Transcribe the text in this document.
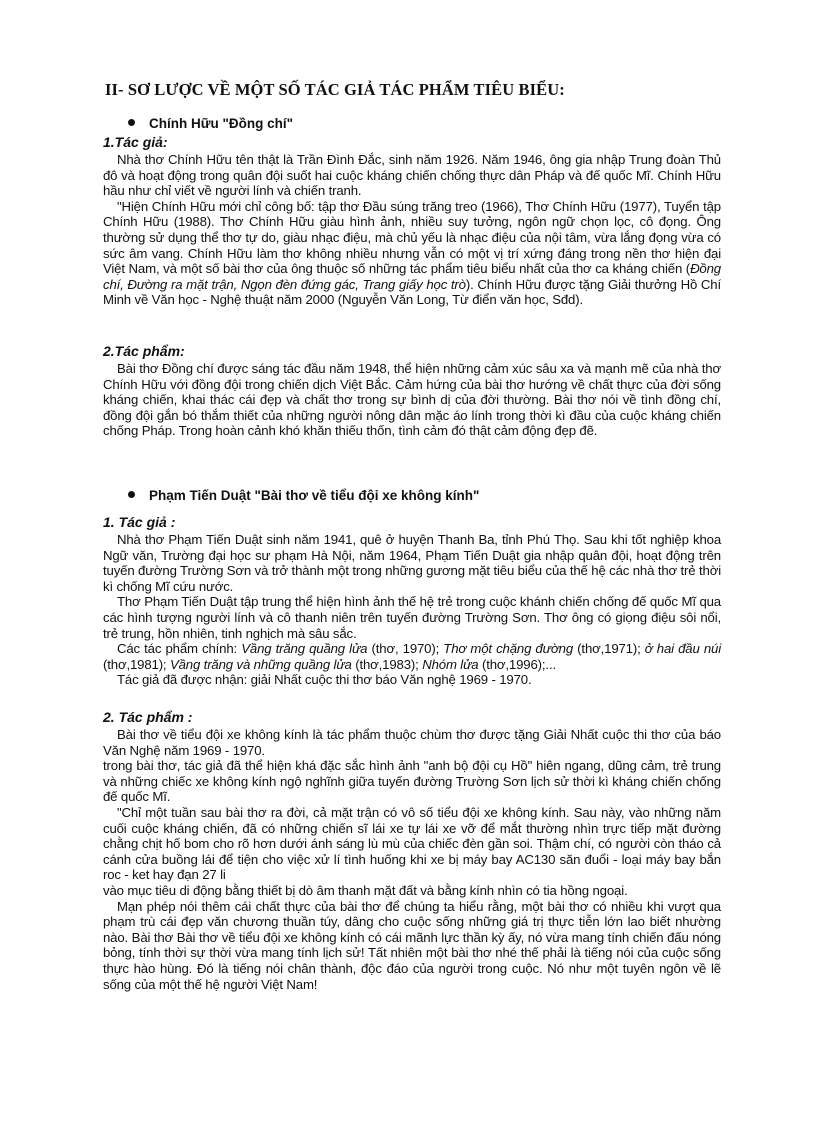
II- SƠ LƯỢC VỀ MỘT SỐ TÁC GIẢ TÁC PHẨM TIÊU BIỂU:
Chính Hữu "Đồng chí"
1.Tác giả:

Nhà thơ Chính Hữu tên thật là Trần Đình Đắc, sinh năm 1926. Năm 1946, ông gia nhập Trung đoàn Thủ đô và hoạt động trong quân đội suốt hai cuộc kháng chiến chống thực dân Pháp và đế quốc Mĩ. Chính Hữu hầu như chỉ viết về người lính và chiến tranh.

"Hiện Chính Hữu mới chỉ công bố: tập thơ Đầu súng trăng treo (1966), Thơ Chính Hữu (1977), Tuyển tập Chính Hữu (1988). Thơ Chính Hữu giàu hình ảnh, nhiều suy tưởng, ngôn ngữ chọn lọc, cô đọng. Ông thường sử dụng thể thơ tự do, giàu nhạc điệu, mà chủ yếu là nhạc điệu của nội tâm, vừa lắng đọng vừa có sức âm vang. Chính Hữu làm thơ không nhiều nhưng vẫn có một vị trí xứng đáng trong nền thơ hiện đại Việt Nam, và một số bài thơ của ông thuộc số những tác phẩm tiêu biểu nhất của thơ ca kháng chiến (Đồng chí, Đường ra mặt trận, Ngọn đèn đứng gác, Trang giấy học trò). Chính Hữu được tặng Giải thưởng Hồ Chí Minh về Văn học - Nghệ thuật năm 2000 (Nguyễn Văn Long, Từ điển văn học, Sđd).

2.Tác phẩm:

Bài thơ Đồng chí được sáng tác đầu năm 1948, thể hiện những cảm xúc sâu xa và mạnh mẽ của nhà thơ Chính Hữu với đồng đội trong chiến dịch Việt Bắc. Cảm hứng của bài thơ hướng về chất thực của đời sống kháng chiến, khai thác cái đẹp và chất thơ trong sự bình dị của đời thường. Bài thơ nói về tình đồng chí, đồng đội gắn bó thắm thiết của những người nông dân mặc áo lính trong thời kì đầu của cuộc kháng chiến chống Pháp. Trong hoàn cảnh khó khăn thiếu thốn, tình cảm đó thật cảm động đẹp đẽ.

Phạm Tiến Duật "Bài thơ về tiểu đội xe không kính"
1. Tác giả :

Nhà thơ Phạm Tiến Duật sinh năm 1941, quê ở huyện Thanh Ba, tỉnh Phú Thọ. Sau khi tốt nghiệp khoa Ngữ văn, Trường đại học sư phạm Hà Nội, năm 1964, Phạm Tiến Duật gia nhập quân đội, hoạt động trên tuyến đường Trường Sơn và trở thành một trong những gương mặt tiêu biểu của thế hệ các nhà thơ trẻ thời kì chống Mĩ cứu nước.

Thơ Phạm Tiến Duật tập trung thể hiện hình ảnh thế hệ trẻ trong cuộc khánh chiến chống đế quốc Mĩ qua các hình tượng người lính và cô thanh niên trên tuyến đường Trường Sơn. Thơ ông có giọng điệu sôi nổi, trẻ trung, hồn nhiên, tinh nghịch mà sâu sắc.

Các tác phẩm chính: Vầng trăng quầng lửa (thơ, 1970); Thơ một chặng đường (thơ,1971); ở hai đầu núi (thơ,1981); Vầng trăng và những quầng lửa (thơ,1983); Nhóm lửa (thơ,1996);...

Tác giả đã được nhận: giải Nhất cuộc thi thơ báo Văn nghệ 1969 - 1970.

2. Tác phẩm :

Bài thơ về tiểu đội xe không kính là tác phẩm thuộc chùm thơ được tặng Giải Nhất cuộc thi thơ của báo Văn Nghệ năm 1969 - 1970.

trong bài thơ, tác giả đã thể hiện khá đặc sắc hình ảnh "anh bộ đội cụ Hồ" hiên ngang, dũng cảm, trẻ trung và những chiếc xe không kính ngộ nghĩnh giữa tuyến đường Trường Sơn lịch sử thời kì kháng chiến chống đế quốc Mĩ.

"Chỉ một tuần sau bài thơ ra đời, cả mặt trận có vô số tiểu đội xe không kính. Sau này, vào những năm cuối cuộc kháng chiến, đã có những chiến sĩ lái xe tự lái xe vỡ để mắt thường nhìn trực tiếp mặt đường chằng chịt hố bom cho rõ hơn dưới ánh sáng lù mù của chiếc đèn gần soi. Thậm chí, có người còn tháo cả cánh cửa buồng lái để tiện cho việc xử lí tình huống khi xe bị máy bay AC130 săn đuổi - loại máy bay bắn roc - ket hay đạn 27 li

vào mục tiêu di động bằng thiết bị dò âm thanh mặt đất và bằng kính nhìn có tia hồng ngoại.

Mạn phép nói thêm cái chất thực của bài thơ để chúng ta hiểu rằng, một bài thơ có nhiều khi vượt qua phạm trù cái đẹp văn chương thuần túy, dâng cho cuộc sống những giá trị thực tiễn lớn lao biết nhường nào. Bài thơ Bài thơ về tiểu đội xe không kính có cái mãnh lực thần kỳ ấy, nó vừa mang tính chiến đấu nóng bỏng, tính thời sự thời vừa mang tính lịch sử! Tất nhiên một bài thơ nhé thế phải là tiếng nói của cuộc sống thực hào hùng. Đó là tiếng nói chân thành, độc đáo của người trong cuộc. Nó như một tuyên ngôn về lẽ sống của một thế hệ người Việt Nam!
